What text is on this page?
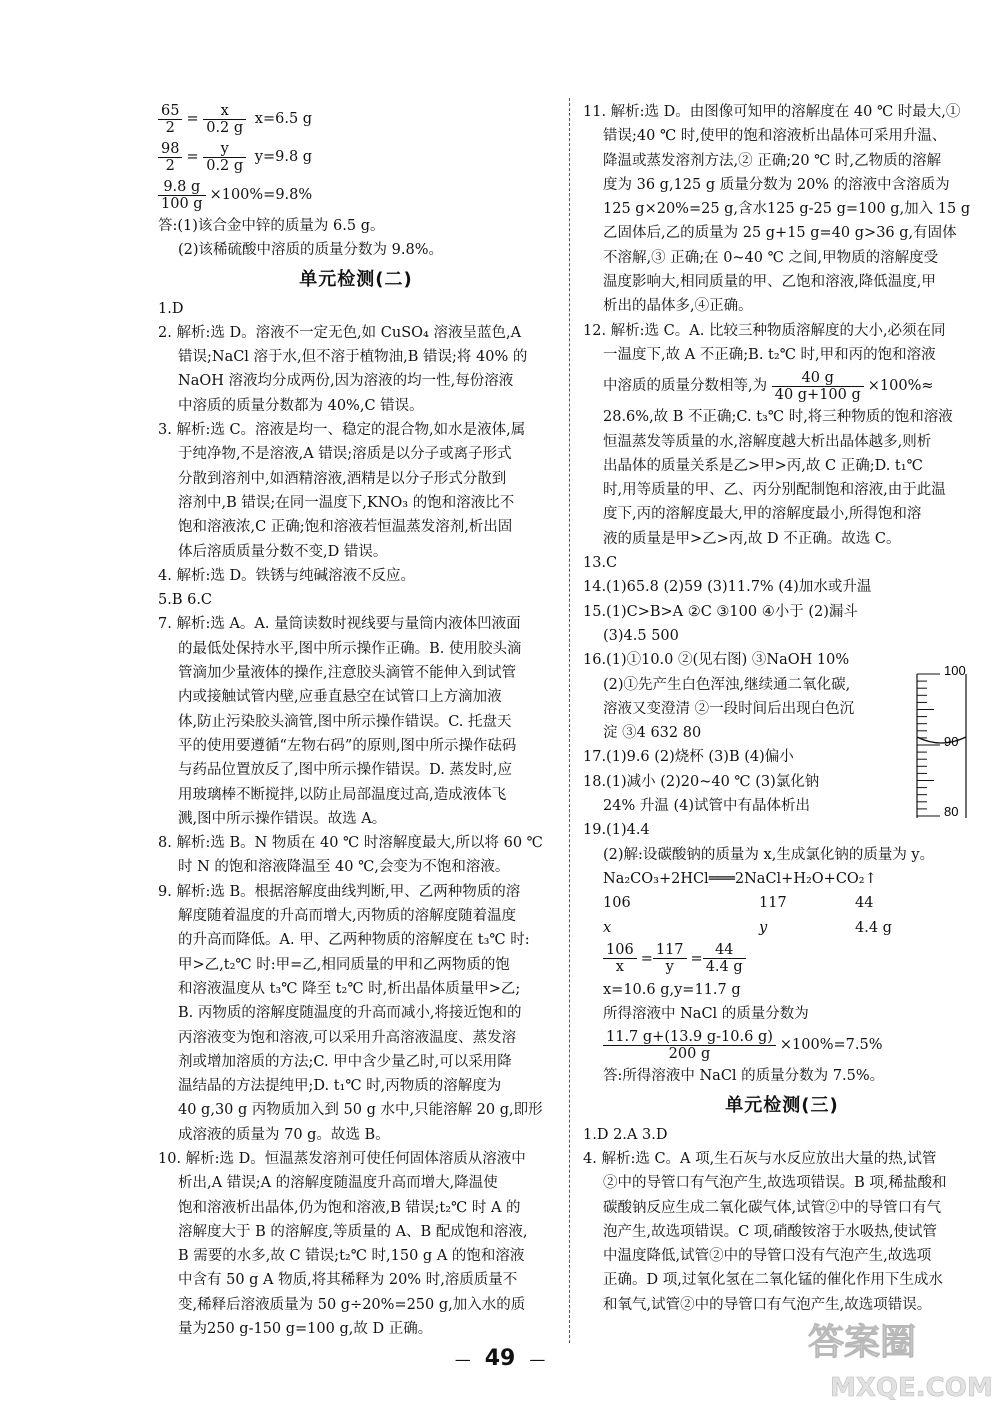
$\frac{65}{2} = \frac{x}{0.2 g} x=6.5$ g
$\frac{98}{2} = \frac{y}{0.2 g} y=9.8$ g
$\frac{9.8 g}{100 g} \times 100\%=9.8\%$
答:(1)该合金中锌的质量为 6.5 g。
(2)该稀硫酸中溶质的质量分数为 9.8%。
单元检测(二)
1.D
2. 解析:选 D。溶液不一定无色,如 CuSO₄ 溶液呈蓝色,A
错误;NaCl 溶于水,但不溶于植物油,B 错误;将 40% 的
NaOH 溶液均分成两份,因为溶液的均一性,每份溶液
中溶质的质量分数都为 40%,C 错误。
3. 解析:选 C。溶液是均一、稳定的混合物,如水是液体,属
于纯净物,不是溶液,A 错误;溶质是以分子或离子形式
分散到溶剂中,如酒精溶液,酒精是以分子形式分散到
溶剂中,B 错误;在同一温度下,KNO₃ 的饱和溶液比不
饱和溶液浓,C 正确;饱和溶液若恒温蒸发溶剂,析出固
体后溶质质量分数不变,D 错误。
4. 解析:选 D。铁锈与纯碱溶液不反应。
5.B 6.C
7. 解析:选 A。A. 量筒读数时视线要与量筒内液体凹液面
的最低处保持水平,图中所示操作正确。B. 使用胶头滴
管滴加少量液体的操作,注意胶头滴管不能伸入到试管
内或接触试管内壁,应垂直悬空在试管口上方滴加液
体,防止污染胶头滴管,图中所示操作错误。C. 托盘天
平的使用要遵循“左物右码”的原则,图中所示操作砝码
与药品位置放反了,图中所示操作错误。D. 蒸发时,应
用玻璃棒不断搅拌,以防止局部温度过高,造成液体飞
溅,图中所示操作错误。故选 A。
8. 解析:选 B。N 物质在 40 ℃ 时溶解度最大,所以将 60 ℃
时 N 的饱和溶液降温至 40 ℃,会变为不饱和溶液。
9. 解析:选 B。根据溶解度曲线判断,甲、乙两种物质的溶
解度随着温度的升高而增大,丙物质的溶解度随着温度
的升高而降低。A. 甲、乙两种物质的溶解度在 t₃℃ 时:
甲>乙,t₂℃ 时:甲=乙,相同质量的甲和乙两物质的饱
和溶液温度从 t₃℃ 降至 t₂℃ 时,析出晶体质量甲>乙;
B. 丙物质的溶解度随温度的升高而减小,将接近饱和的
丙溶液变为饱和溶液,可以采用升高溶液温度、蒸发溶
剂或增加溶质的方法;C. 甲中含少量乙时,可以采用降
温结晶的方法提纯甲;D. t₁℃ 时,丙物质的溶解度为
40 g,30 g 丙物质加入到 50 g 水中,只能溶解 20 g,即形
成溶液的质量为 70 g。故选 B。
10. 解析:选 D。恒温蒸发溶剂可使任何固体溶质从溶液中
析出,A 错误;A 的溶解度随温度升高而增大,降温使
饱和溶液析出晶体,仍为饱和溶液,B 错误;t₂℃ 时 A 的
溶解度大于 B 的溶解度,等质量的 A、B 配成饱和溶液,
B 需要的水多,故 C 错误;t₂℃ 时,150 g A 的饱和溶液
中含有 50 g A 物质,将其稀释为 20% 时,溶质质量不
变,稀释后溶液质量为 50 g÷20%=250 g,加入水的质
量为250 g-150 g=100 g,故 D 正确。
11. 解析:选 D。由图像可知甲的溶解度在 40 ℃ 时最大,①
错误;40 ℃ 时,使甲的饱和溶液析出晶体可采用升温、
降温或蒸发溶剂方法,② 正确;20 ℃ 时,乙物质的溶解
度为 36 g,125 g 质量分数为 20% 的溶液中含溶质为
125 g×20%=25 g,含水125 g-25 g=100 g,加入 15 g
乙固体后,乙的质量为 25 g+15 g=40 g>36 g,有固体
不溶解,③ 正确;在 0~40 ℃ 之间,甲物质的溶解度受
温度影响大,相同质量的甲、乙饱和溶液,降低温度,甲
析出的晶体多,④正确。
12. 解析:选 C。A. 比较三种物质溶解度的大小,必须在同
一温度下,故 A 不正确;B. t₂℃ 时,甲和丙的饱和溶液
中溶质的质量分数相等,为 $\frac{40 g}{40 g+100 g} \times 100\%\approx$
28.6%,故 B 不正确;C. t₃℃ 时,将三种物质的饱和溶液
恒温蒸发等质量的水,溶解度越大析出晶体越多,则析
出晶体的质量关系是乙>甲>丙,故 C 正确;D. t₁℃
时,用等质量的甲、乙、丙分别配制饱和溶液,由于此温
度下,丙的溶解度最大,甲的溶解度最小,所得饱和溶
液的质量是甲>乙>丙,故 D 不正确。故选 C。
13.C
14.(1)65.8 (2)59 (3)11.7% (4)加水或升温
15.(1)C>B>A ②C ③100 ④小于 (2)漏斗
(3)4.5 500
16.(1)①10.0 ②(见右图) ③NaOH 10%
(2)①先产生白色浑浊,继续通二氧化碳,
溶液又变澄清 ②一段时间后出现白色沉
淀 ③4 632 80
17.(1)9.6 (2)烧杯 (3)B (4)偏小
18.(1)减小 (2)20~40 ℃ (3)氯化钠
24% 升温 (4)试管中有晶体析出
19.(1)4.4
(2)解:设碳酸钠的质量为 x,生成氯化钠的质量为 y。
Na₂CO₃+2HCl═══2NaCl+H₂O+CO₂↑
106	117	44
x	y	4.4 g
$\frac{106}{x} = \frac{117}{y} = \frac{44}{4.4 g}$
x=10.6 g,y=11.7 g
所得溶液中 NaCl 的质量分数为
$\frac{11.7 g+(13.9 g-10.6 g)}{200 g} \times 100\%=7.5\%$
答:所得溶液中 NaCl 的质量分数为 7.5%。
单元检测(三)
1.D 2.A 3.D
4. 解析:选 C。A 项,生石灰与水反应放出大量的热,试管
②中的导管口有气泡产生,故选项错误。B 项,稀盐酸和
碳酸钠反应生成二氧化碳气体,试管②中的导管口有气
泡产生,故选项错误。C 项,硝酸铵溶于水吸热,使试管
中温度降低,试管②中的导管口没有气泡产生,故选项
正确。D 项,过氧化氢在二氧化锰的催化作用下生成水
和氧气,试管②中的导管口有气泡产生,故选项错误。
100
90
80
— 49 —	答案圈
MXQE.COM
